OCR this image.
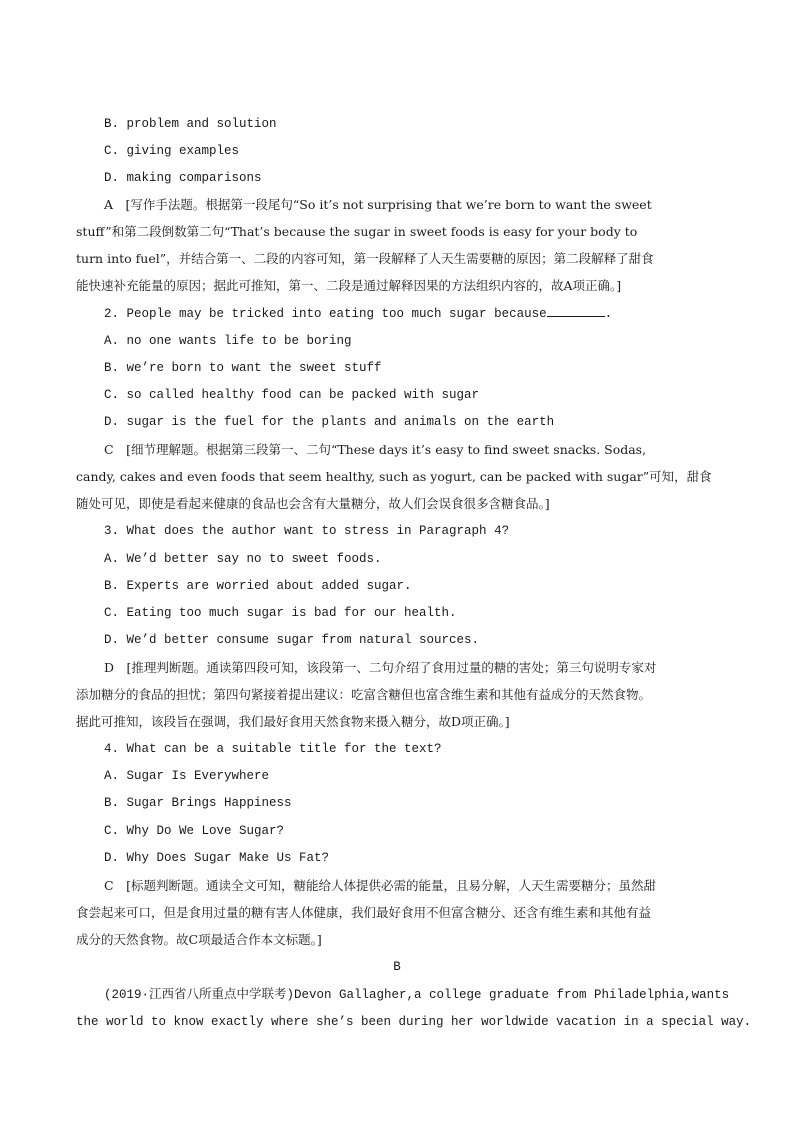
B. problem and solution
C. giving examples
D. making comparisons
A　[写作手法题。根据第一段尾句“So it’s not surprising that we’re born to want the sweet
stuff”和第二段倒数第二句“That’s because the sugar in sweet foods is easy for your body to
turn into fuel”，并结合第一、二段的内容可知，第一段解释了人天生需要糖的原因；第二段解释了甜食
能快速补充能量的原因；据此可推知，第一、二段是通过解释因果的方法组织内容的，故A项正确。]
2. People may be tricked into eating too much sugar because	.
A. no one wants life to be boring
B. we’re born to want the sweet stuff
C. so called healthy food can be packed with sugar
D. sugar is the fuel for the plants and animals on the earth
C　[细节理解题。根据第三段第一、二句“These days it’s easy to find sweet snacks. Sodas,
candy, cakes and even foods that seem healthy, such as yogurt, can be packed with sugar”可知，甜食
随处可见，即使是看起来健康的食品也会含有大量糖分，故人们会误食很多含糖食品。]
3. What does the author want to stress in Paragraph 4?
A. We’d better say no to sweet foods.
B. Experts are worried about added sugar.
C. Eating too much sugar is bad for our health.
D. We’d better consume sugar from natural sources.
D　[推理判断题。通读第四段可知，该段第一、二句介绍了食用过量的糖的害处；第三句说明专家对
添加糖分的食品的担忧；第四句紧接着提出建议：吃富含糖但也富含维生素和其他有益成分的天然食物。
据此可推知，该段旨在强调，我们最好食用天然食物来摄入糖分，故D项正确。]
4. What can be a suitable title for the text?
A. Sugar Is Everywhere
B. Sugar Brings Happiness
C. Why Do We Love Sugar?
D. Why Does Sugar Make Us Fat?
C　[标题判断题。通读全文可知，糖能给人体提供必需的能量，且易分解，人天生需要糖分；虽然甜
食尝起来可口，但是食用过量的糖有害人体健康，我们最好食用不但富含糖分、还含有维生素和其他有益
成分的天然食物。故C项最适合作本文标题。]
B
(2019·江西省八所重点中学联考)Devon Gallagher,a college graduate from Philadelphia,wants
the world to know exactly where she’s been during her worldwide vacation in a special way.
